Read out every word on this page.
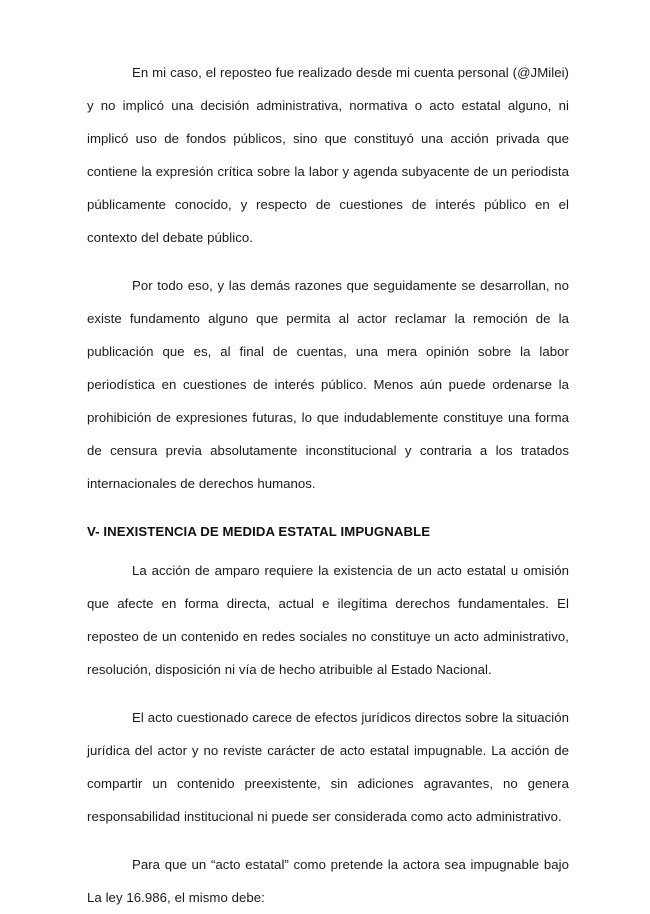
En mi caso, el reposteo fue realizado desde mi cuenta personal (@JMilei) y no implicó una decisión administrativa, normativa o acto estatal alguno, ni implicó uso de fondos públicos, sino que constituyó una acción privada que contiene la expresión crítica sobre la labor y agenda subyacente de un periodista públicamente conocido, y respecto de cuestiones de interés público en el contexto del debate público.

Por todo eso, y las demás razones que seguidamente se desarrollan, no existe fundamento alguno que permita al actor reclamar la remoción de la publicación que es, al final de cuentas, una mera opinión sobre la labor periodística en cuestiones de interés público. Menos aún puede ordenarse la prohibición de expresiones futuras, lo que indudablemente constituye una forma de censura previa absolutamente inconstitucional y contraria a los tratados internacionales de derechos humanos.

V- INEXISTENCIA DE MEDIDA ESTATAL IMPUGNABLE

La acción de amparo requiere la existencia de un acto estatal u omisión que afecte en forma directa, actual e ilegítima derechos fundamentales. El reposteo de un contenido en redes sociales no constituye un acto administrativo, resolución, disposición ni vía de hecho atribuible al Estado Nacional.

El acto cuestionado carece de efectos jurídicos directos sobre la situación jurídica del actor y no reviste carácter de acto estatal impugnable. La acción de compartir un contenido preexistente, sin adiciones agravantes, no genera responsabilidad institucional ni puede ser considerada como acto administrativo.

Para que un “acto estatal” como pretende la actora sea impugnable bajo La ley 16.986, el mismo debe:
